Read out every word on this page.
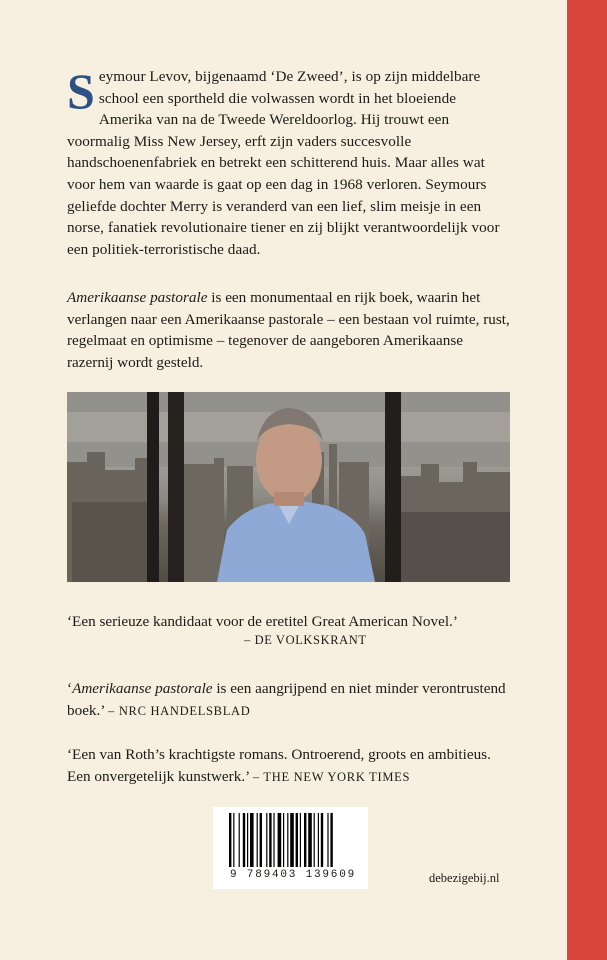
S eymour Levov, bijgenaamd ‘De Zweed’, is op zijn middelbare school een sportheld die volwassen wordt in het bloeiende Amerika van na de Tweede Wereldoorlog. Hij trouwt een voormalig Miss New Jersey, erft zijn vaders succesvolle handschoenenfabriek en betrekt een schitterend huis. Maar alles wat voor hem van waarde is gaat op een dag in 1968 verloren. Seymours geliefde dochter Merry is veranderd van een lief, slim meisje in een norse, fanatiek revolutionaire tiener en zij blijkt verantwoordelijk voor een politiek-terroristische daad.

Amerikaanse pastorale is een monumentaal en rijk boek, waarin het verlangen naar een Amerikaanse pastorale – een bestaan vol ruimte, rust, regelmaat en optimisme – tegenover de aangeboren Amerikaanse razernij wordt gesteld.

‘Een serieuze kandidaat voor de eretitel Great American Novel.’

– DE VOLKSKRANT

‘Amerikaanse pastorale is een aangrijpend en niet minder verontrustend boek.’ – NRC HANDELSBLAD

‘Een van Roth’s krachtigste romans. Ontroerend, groots en ambitieus. Een onvergetelijk kunstwerk.’ – THE NEW YORK TIMES

9 789403 139609	debezigebij.nl
